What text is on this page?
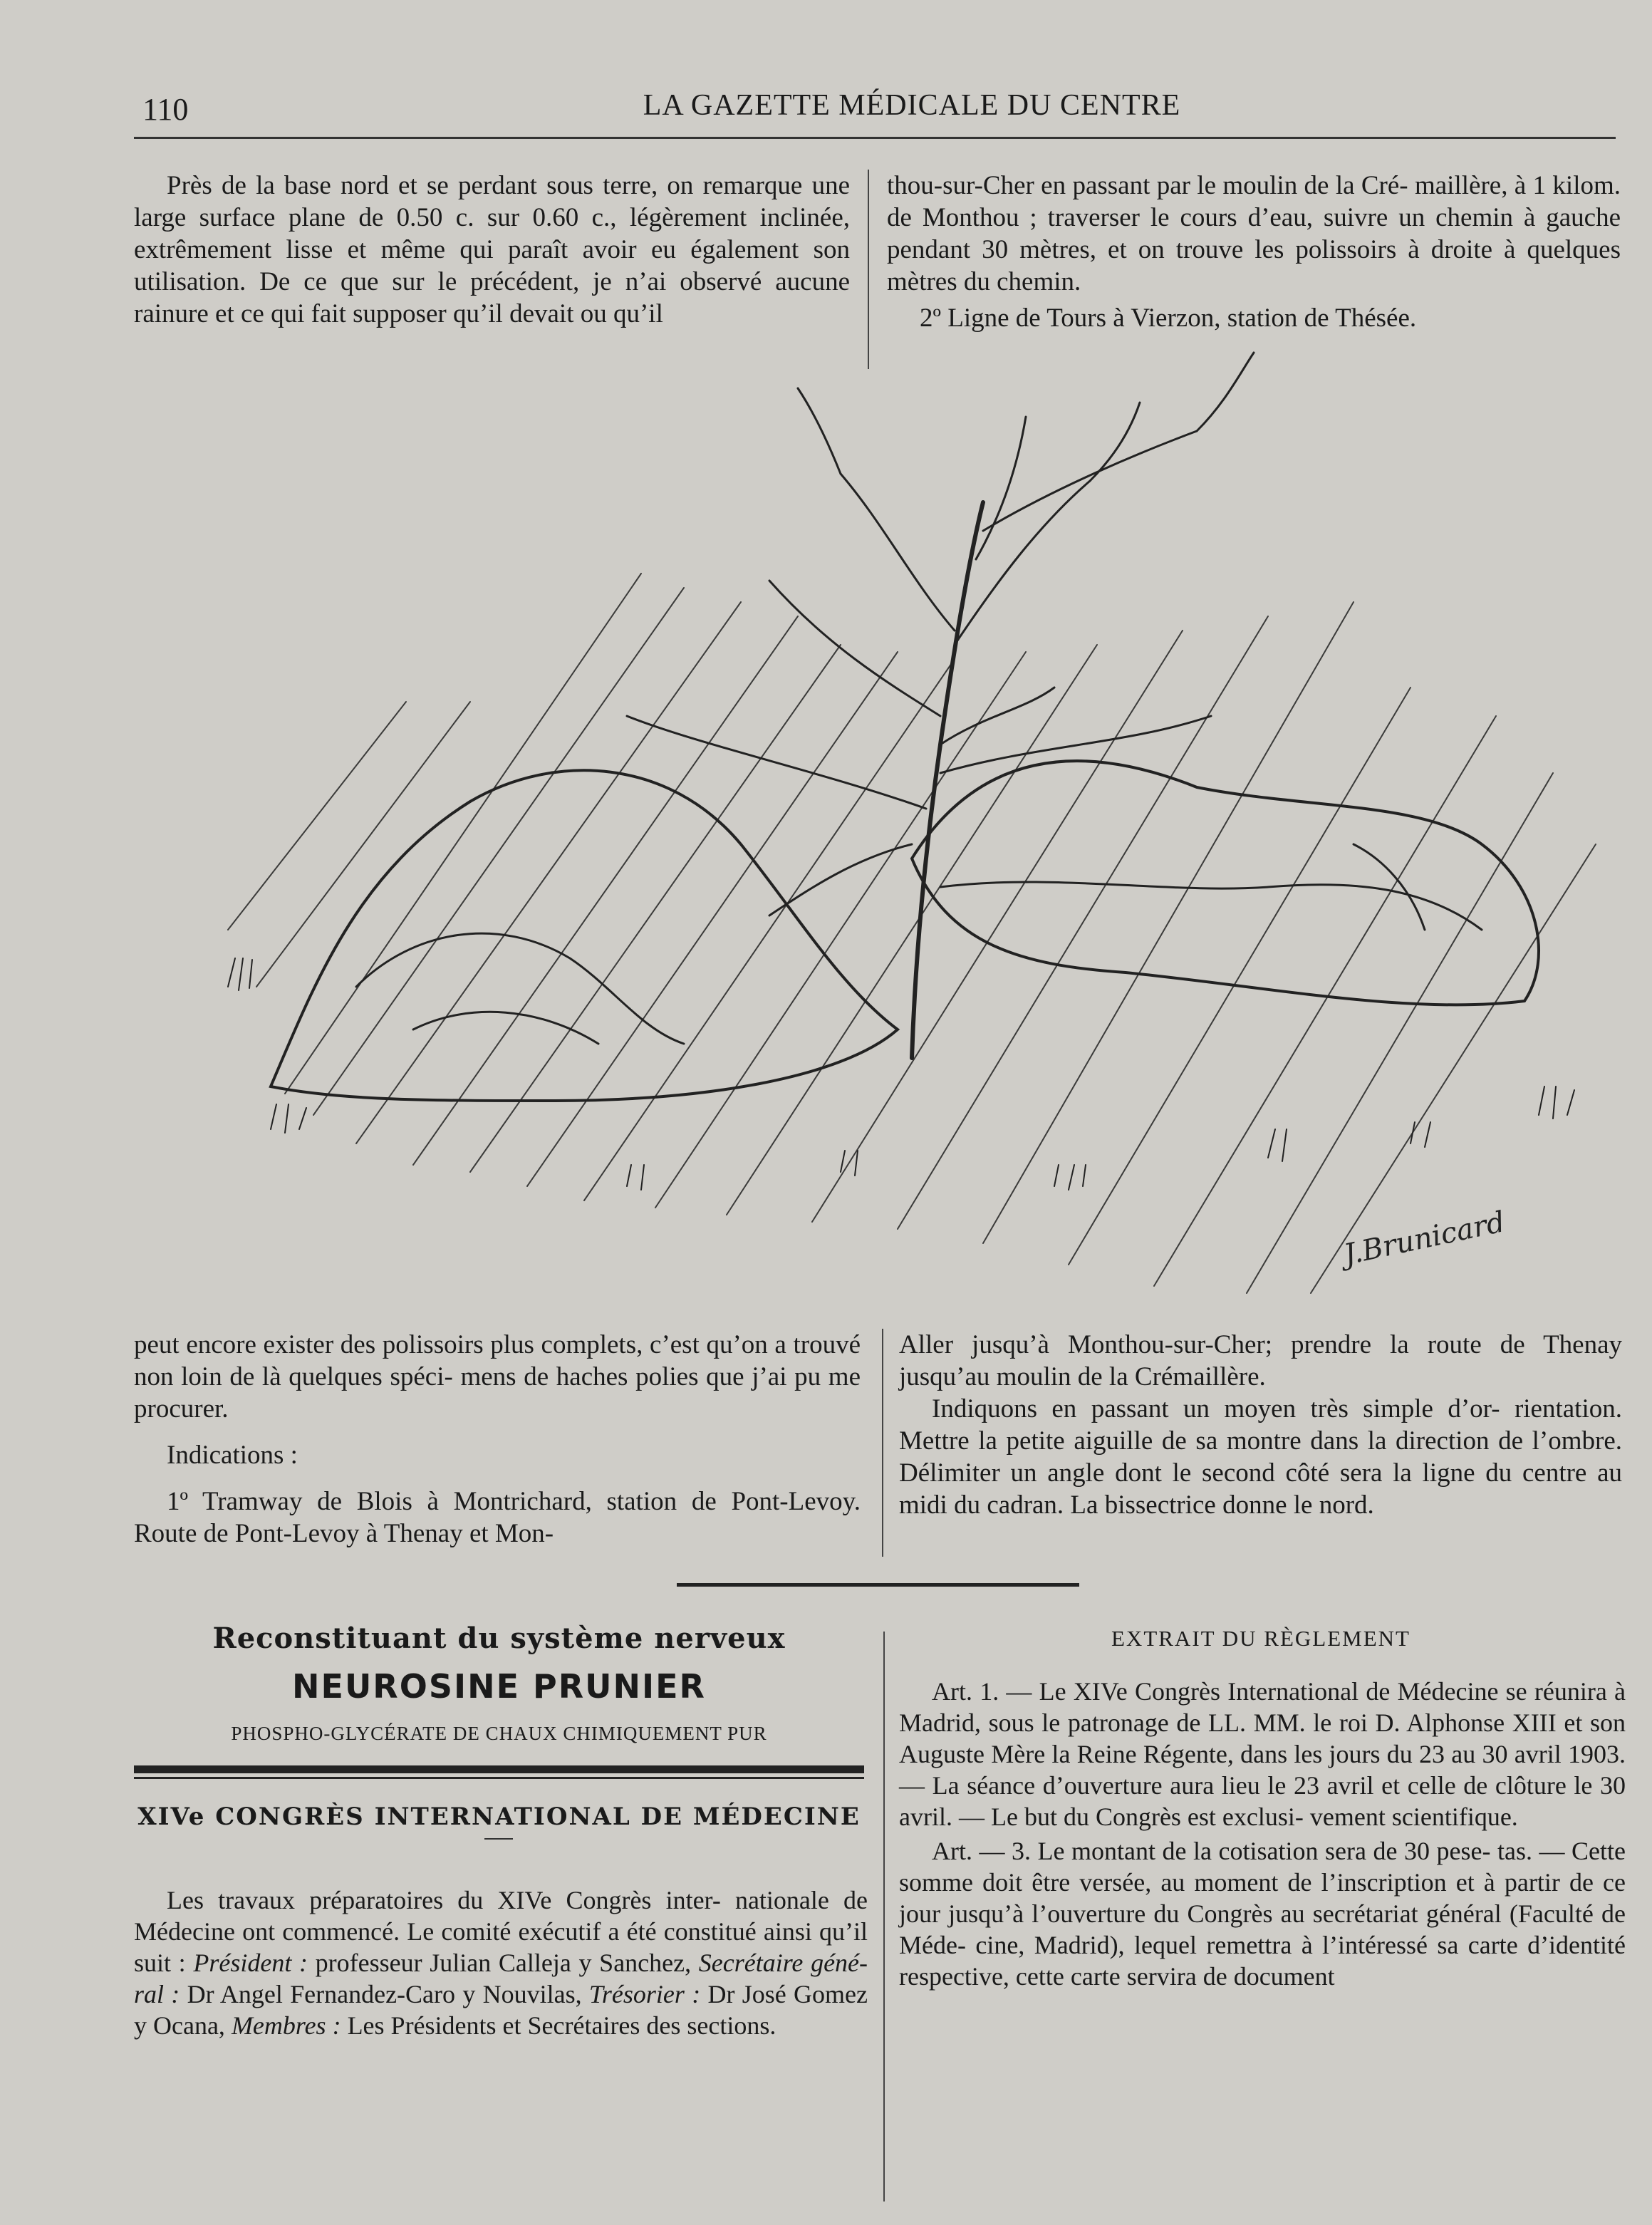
110	LA GAZETTE MÉDICALE DU CENTRE

Près de la base nord et se perdant sous terre, on remarque une large surface plane de 0.50 c. sur 0.60 c., légèrement inclinée, extrêmement lisse et même qui paraît avoir eu également son utilisation. De ce que sur le précédent, je n’ai observé aucune rainure et ce qui fait supposer qu’il devait ou qu’il

thou-sur-Cher en passant par le moulin de la Cré- maillère, à 1 kilom. de Monthou ; traverser le cours d’eau, suivre un chemin à gauche pendant 30 mètres, et on trouve les polissoirs à droite à quelques mètres du chemin.

2º Ligne de Tours à Vierzon, station de Thésée.

J.Brunicard

peut encore exister des polissoirs plus complets, c’est qu’on a trouvé non loin de là quelques spéci- mens de haches polies que j’ai pu me procurer.

Indications :

1º Tramway de Blois à Montrichard, station de Pont-Levoy. Route de Pont-Levoy à Thenay et Mon-

Aller jusqu’à Monthou-sur-Cher; prendre la route de Thenay jusqu’au moulin de la Crémaillère.

Indiquons en passant un moyen très simple d’or- rientation. Mettre la petite aiguille de sa montre dans la direction de l’ombre. Délimiter un angle dont le second côté sera la ligne du centre au midi du cadran. La bissectrice donne le nord.

Reconstituant du système nerveux
NEUROSINE PRUNIER
PHOSPHO-GLYCÉRATE DE CHAUX CHIMIQUEMENT PUR
XIVe CONGRÈS INTERNATIONAL DE MÉDECINE

Les travaux préparatoires du XIVe Congrès inter- nationale de Médecine ont commencé. Le comité exécutif a été constitué ainsi qu’il suit : Président : professeur Julian Calleja y Sanchez, Secrétaire géné- ral : Dr Angel Fernandez-Caro y Nouvilas, Trésorier : Dr José Gomez y Ocana, Membres : Les Présidents et Secrétaires des sections.

EXTRAIT DU RÈGLEMENT

Art. 1. — Le XIVe Congrès International de Médecine se réunira à Madrid, sous le patronage de LL. MM. le roi D. Alphonse XIII et son Auguste Mère la Reine Régente, dans les jours du 23 au 30 avril 1903. — La séance d’ouverture aura lieu le 23 avril et celle de clôture le 30 avril. — Le but du Congrès est exclusi- vement scientifique.

Art. — 3. Le montant de la cotisation sera de 30 pese- tas. — Cette somme doit être versée, au moment de l’inscription et à partir de ce jour jusqu’à l’ouverture du Congrès au secrétariat général (Faculté de Méde- cine, Madrid), lequel remettra à l’intéressé sa carte d’identité respective, cette carte servira de document
